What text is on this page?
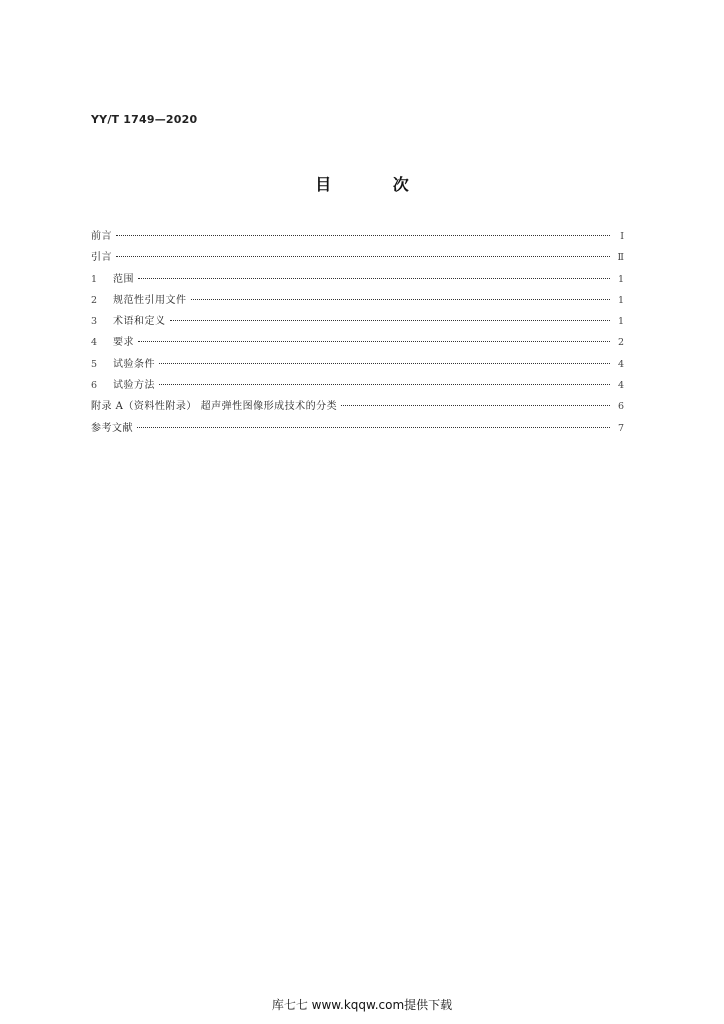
YY/T 1749—2020
目 次
前言	Ⅰ
引言	Ⅱ
1	范围	1
2	规范性引用文件	1
3	术语和定义	1
4	要求	2
5	试验条件	4
6	试验方法	4
附录 A（资料性附录） 超声弹性图像形成技术的分类	6
参考文献	7
库七七 www.kqqw.com提供下载
